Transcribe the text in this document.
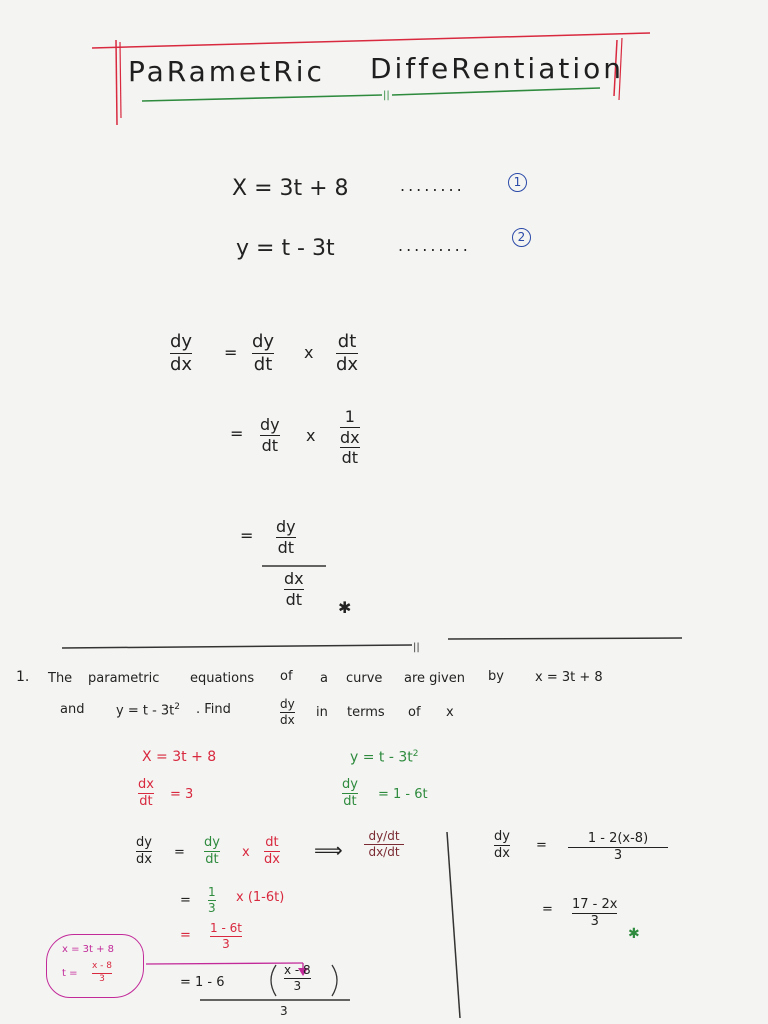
||
||
PaRametRic DiffeRentiation
X = 3t + 8	........	1
y = t - 3t	.........	2
dy
dx
=
dy
dt
x
dt
dx
= dy
dt
x
1
dx
dt
= dy
dt
dx
dt ✱
1. The parametric equations of a curve are given by x = 3t + 8
and $y = t - 3t^2$ . Find	dy
dx
in terms of x
X = 3t + 8
dx
dt = 3
$y = t - 3t^2$
dy
dt = 1 - 6t
dy
dx =
dy
dt x
dt
dx ⟹
dy/dt
dx/dt
=
1
3
x (1-6t)
= 1 - 6t
3
= 1 - 6
x - 8
3
3
x = 3t + 8
t =
x - 8
3
dy
dx
=	1 - 2(x-8)
3
= 17 - 2x
3
✱
